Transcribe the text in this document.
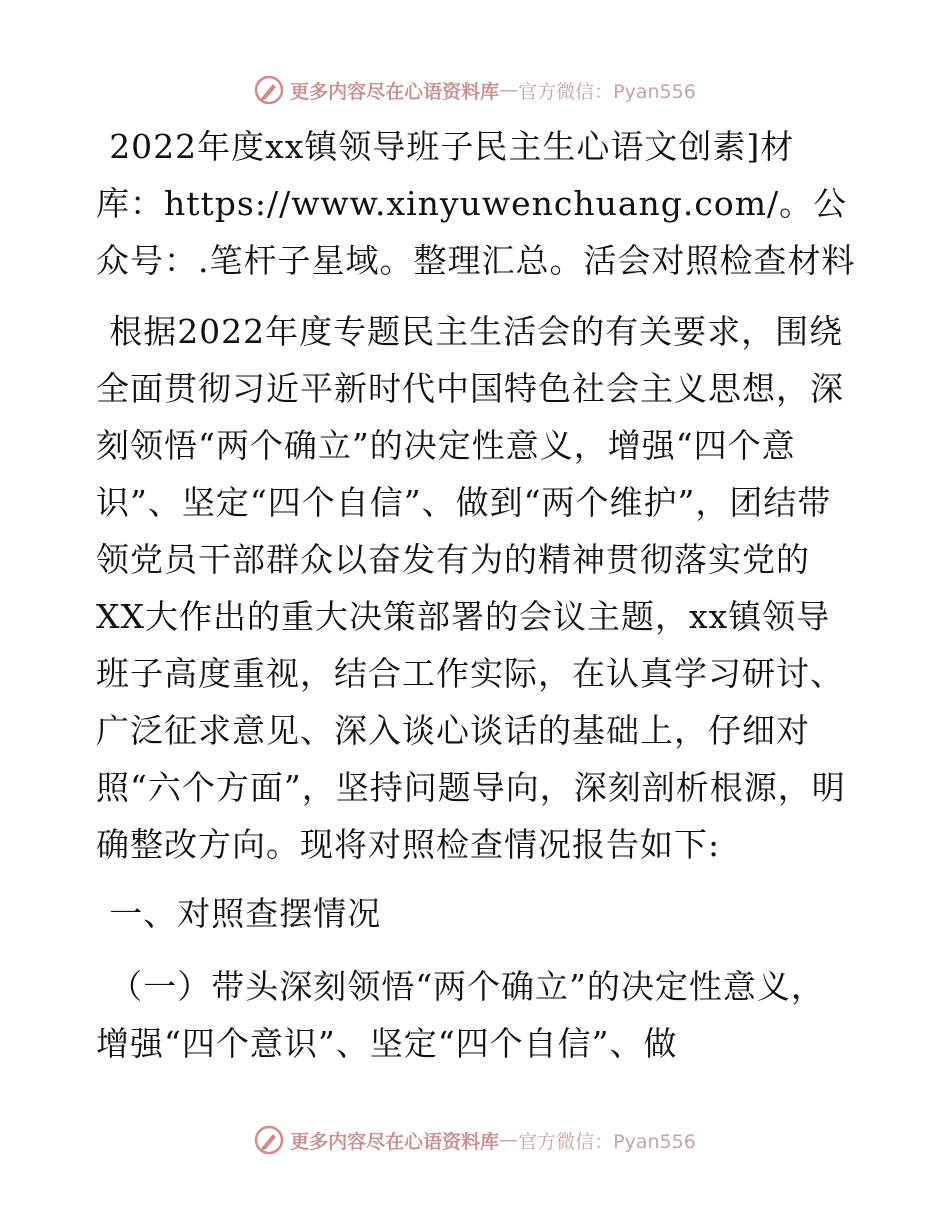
更多内容尽在心语资料库 — 官方微信：Pyan556

2022年度xx镇领导班子民主生心语文创素]材库：https://www.xinyuwenchuang.com/。公众号：.笔杆子星域。整理汇总。活会对照检查材料

根据2022年度专题民主生活会的有关要求，围绕全面贯彻习近平新时代中国特色社会主义思想，深刻领悟“两个确立”的决定性意义，增强“四个意识”、坚定“四个自信”、做到“两个维护”，团结带领党员干部群众以奋发有为的精神贯彻落实党的XX大作出的重大决策部署的会议主题，xx镇领导班子高度重视，结合工作实际，在认真学习研讨、广泛征求意见、深入谈心谈话的基础上，仔细对照“六个方面”，坚持问题导向，深刻剖析根源，明确整改方向。现将对照检查情况报告如下:

一、对照查摆情况

（一）带头深刻领悟“两个确立”的决定性意义，增强“四个意识”、坚定“四个自信”、做

更多内容尽在心语资料库 — 官方微信：Pyan556
